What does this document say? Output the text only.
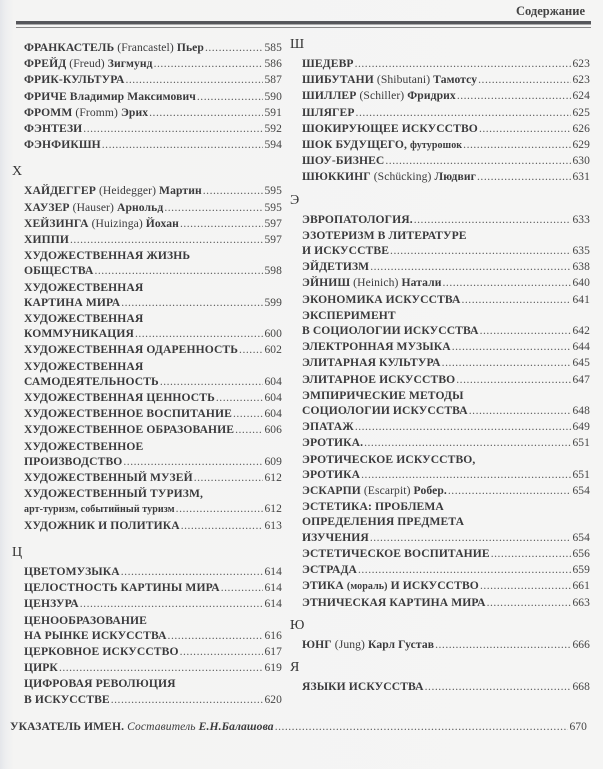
Содержание
ФРАНКАСТЕЛЬ (Francastel) Пьер .....	585
ФРЕЙД (Freud) Зигмунд .....	586
ФРИК-КУЛЬТУРА .....	587
ФРИЧЕ Владимир Максимович .....	590
ФРОММ (Fromm) Эрих .....	591
ФЭНТЕЗИ .....	592
ФЭНФИКШН .....	594
Х
ХАЙДЕГГЕР (Heidegger) Мартин .....	595
ХАУЗЕР (Hauser) Арнольд .....	595
ХЕЙЗИНГА (Huizinga) Йохан .....	597
ХИППИ .....	597
ХУДОЖЕСТВЕННАЯ ЖИЗНЬ
ОБЩЕСТВА .....	598
ХУДОЖЕСТВЕННАЯ
КАРТИНА МИРА .....	599
ХУДОЖЕСТВЕННАЯ
КОММУНИКАЦИЯ .....	600
ХУДОЖЕСТВЕННАЯ ОДАРЕННОСТЬ ..... 602
ХУДОЖЕСТВЕННАЯ
САМОДЕЯТЕЛЬНОСТЬ .....	604
ХУДОЖЕСТВЕННАЯ ЦЕННОСТЬ .....	604
ХУДОЖЕСТВЕННОЕ ВОСПИТАНИЕ .....	604
ХУДОЖЕСТВЕННОЕ ОБРАЗОВАНИЕ .....	606
ХУДОЖЕСТВЕННОЕ
ПРОИЗВОДСТВО .....	609
ХУДОЖЕСТВЕННЫЙ МУЗЕЙ .....	612
ХУДОЖЕСТВЕННЫЙ ТУРИЗМ,
арт-туризм, событийный туризм .....	612
ХУДОЖНИК И ПОЛИТИКА .....	613
Ц
ЦВЕТОМУЗЫКА .....	614
ЦЕЛОСТНОСТЬ КАРТИНЫ МИРА .....	614
ЦЕНЗУРА .....	614
ЦЕНООБРАЗОВАНИЕ
НА РЫНКЕ ИСКУССТВА .....	616
ЦЕРКОВНОЕ ИСКУССТВО .....	617
ЦИРК .....	619
ЦИФРОВАЯ РЕВОЛЮЦИЯ
В ИСКУССТВЕ .....	620
Ш
ШЕДЕВР .....	623
ШИБУТАНИ (Shibutani) Тамотсу .....	623
ШИЛЛЕР (Schiller) Фридрих .....	624
ШЛЯГЕР .....	625
ШОКИРУЮЩЕЕ ИСКУССТВО .....	626
ШОК БУДУЩЕГО, футурошок .....	629
ШОУ-БИЗНЕС .....	630
ШЮККИНГ (Schücking) Людвиг .....	631
Э
ЭВРОПАТОЛОГИЯ. .....	633
ЭЗОТЕРИЗМ В ЛИТЕРАТУРЕ
И ИСКУССТВЕ .....	635
ЭЙДЕТИЗМ .....	638
ЭЙНИШ (Heinich) Натали .....	640
ЭКОНОМИКА ИСКУССТВА .....	641
ЭКСПЕРИМЕНТ
В СОЦИОЛОГИИ ИСКУССТВА .....	642
ЭЛЕКТРОННАЯ МУЗЫКА .....	644
ЭЛИТАРНАЯ КУЛЬТУРА .....	645
ЭЛИТАРНОЕ ИСКУССТВО .....	647
ЭМПИРИЧЕСКИЕ МЕТОДЫ
СОЦИОЛОГИИ ИСКУССТВА .....	648
ЭПАТАЖ .....	649
ЭРОТИКА. .....	651
ЭРОТИЧЕСКОЕ ИСКУССТВО,
ЭРОТИКА .....	651
ЭСКАРПИ (Escarpit) Робер. .....	654
ЭСТЕТИКА: ПРОБЛЕМА
ОПРЕДЕЛЕНИЯ ПРЕДМЕТА
ИЗУЧЕНИЯ .....	654
ЭСТЕТИЧЕСКОЕ ВОСПИТАНИЕ .....	656
ЭСТРАДА .....	659
ЭТИКА (мораль) И ИСКУССТВО .....	661
ЭТНИЧЕСКАЯ КАРТИНА МИРА .....	663
Ю
ЮНГ (Jung) Карл Густав .....	666
Я
ЯЗЫКИ ИСКУССТВА .....	668
УКАЗАТЕЛЬ ИМЕН. Составитель Е.Н.Балашова .....	670
